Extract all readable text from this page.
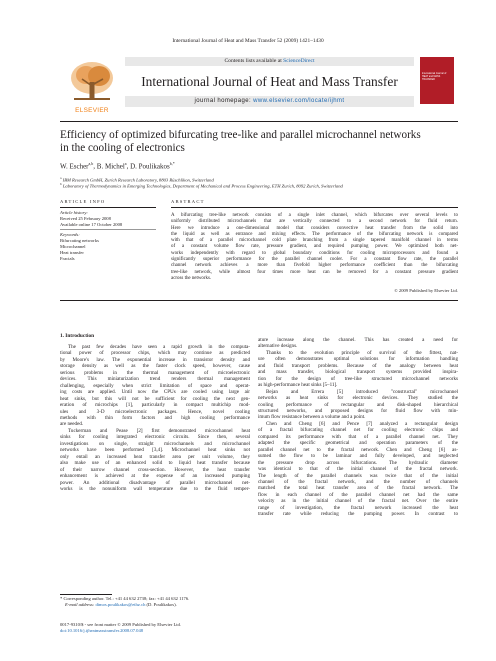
International Journal of Heat and Mass Transfer 52 (2009) 1421–1430
Contents lists available at ScienceDirect
ELSEVIER
International Journal of Heat and Mass Transfer
journal homepage: www.elsevier.com/locate/ijhmt
International Journal of HEAT and MASS TRANSFER
Efficiency of optimized bifurcating tree-like and parallel microchannel networks
in the cooling of electronics
W. Escher$^{a,b}$, B. Michel$^a$, D. Poulikakos$^{b,*}$
$^a$ IBM Research GmbH, Zurich Research Laboratory, 8803 Rüschlikon, Switzerland
$^b$ Laboratory of Thermodynamics in Emerging Technologies, Department of Mechanical and Process Engineering, ETH Zurich, 8092 Zurich, Switzerland
ARTICLE INFO
Article history:
Received 25 February 2008
Available online 17 October 2008
Keywords:
Bifurcating networks
Microchannel
Heat transfer
Fractals
ABSTRACT
A bifurcating tree-like network consists of a single inlet channel, which bifurcates over several levels to
uniformly distributed microchannels that are vertically connected to a second network for fluid return.
Here we introduce a one-dimensional model that considers convective heat transfer from the solid into
the liquid as well as entrance and mixing effects. The performance of the bifurcating network is compared
with that of a parallel microchannel cold plate branching from a single tapered manifold channel in terms
of a constant volume flow rate, pressure gradient, and required pumping power. We optimized both net-
works independently with regard to global boundary conditions for cooling microprocessors and found a
significantly superior performance for the parallel channel cooler. For a constant flow rate, the parallel
channel network achieves a more than fivefold higher performance coefficient than the bifurcating
tree-like network, while almost four times more heat can be removed for a constant pressure gradient
across the networks.
© 2009 Published by Elsevier Ltd.
1. Introduction
The past few decades have seen a rapid growth in the computa-
tional power of processor chips, which may continue as predicted
by Moore's law. The exponential increase in transistor density and
storage density as well as the faster clock speed, however, cause
serious problems in the thermal management of microelectronic
devices. This miniaturization trend renders thermal management
challenging, especially when strict limitation of space and operat-
ing costs are applied. Until now the CPUs are cooled using large air
heat sinks, but this will not be sufficient for cooling the next gen-
eration of microchips [1], particularly in compact multichip mod-
ules and 3-D microelectronic packages. Hence, novel cooling
methods with thin form factors and high cooling performance
are needed.
Tuckerman and Pease [2] first demonstrated microchannel heat
sinks for cooling integrated electronic circuits. Since then, several
investigations on single, straight microchannels and microchannel
networks have been performed [3,4]. Microchannel heat sinks not
only entail an increased heat transfer area per unit volume, they
also make use of an enhanced solid to liquid heat transfer because
of their narrow channel cross-section. However, the heat transfer
enhancement is achieved at the expense of an increased pumping
power. An additional disadvantage of parallel microchannel net-
works is the nonuniform wall temperature due to the fluid temper-
ature increase along the channel. This has created a need for
alternative designs.
Thanks to the evolution principle of survival of the fittest, nat-
ure often demonstrates optimal solutions for information handling
and fluid transport problems. Because of the analogy between heat
and mass transfer, biological transport systems provided inspira-
tion for the design of tree-like structured microchannel networks
as high-performance heat sinks [5–11].
Bejan and Errera [5] introduced "constructal" microchannel
networks as heat sinks for electronic devices. They studied the
cooling performance of rectangular and disk-shaped hierarchical
structured networks, and proposed designs for fluid flow with min-
imum flow resistance between a volume and a point.
Chen and Cheng [6] and Pence [7] analyzed a rectangular design
of a fractal bifurcating channel net for cooling electronic chips and
compared its performance with that of a parallel channel net. They
adapted the specific geometrical and operation parameters of the
parallel channel net to the fractal network. Chen and Cheng [6] as-
sumed the flow to be laminar and fully developed, and neglected
the pressure drop across bifurcations. The hydraulic diameter
was identical to that of the initial channel of the fractal network.
The length of the parallel channels was twice that of the initial
channel of the fractal network, and the number of channels
matched the total heat transfer area of the fractal network. The
flow in each channel of the parallel channel net had the same
velocity as in the initial channel of the fractal net. Over the entire
range of investigation, the fractal network increased the heat
transfer rate while reducing the pumping power. In contrast to
* Corresponding author. Tel.: +41 44 632 2738; fax: +41 44 632 1176.
E-mail address: dimos.poulikakos@ethz.ch (D. Poulikakos).
0017-9310/$ - see front matter © 2009 Published by Elsevier Ltd.
doi:10.1016/j.ijheatmasstransfer.2008.07.048
